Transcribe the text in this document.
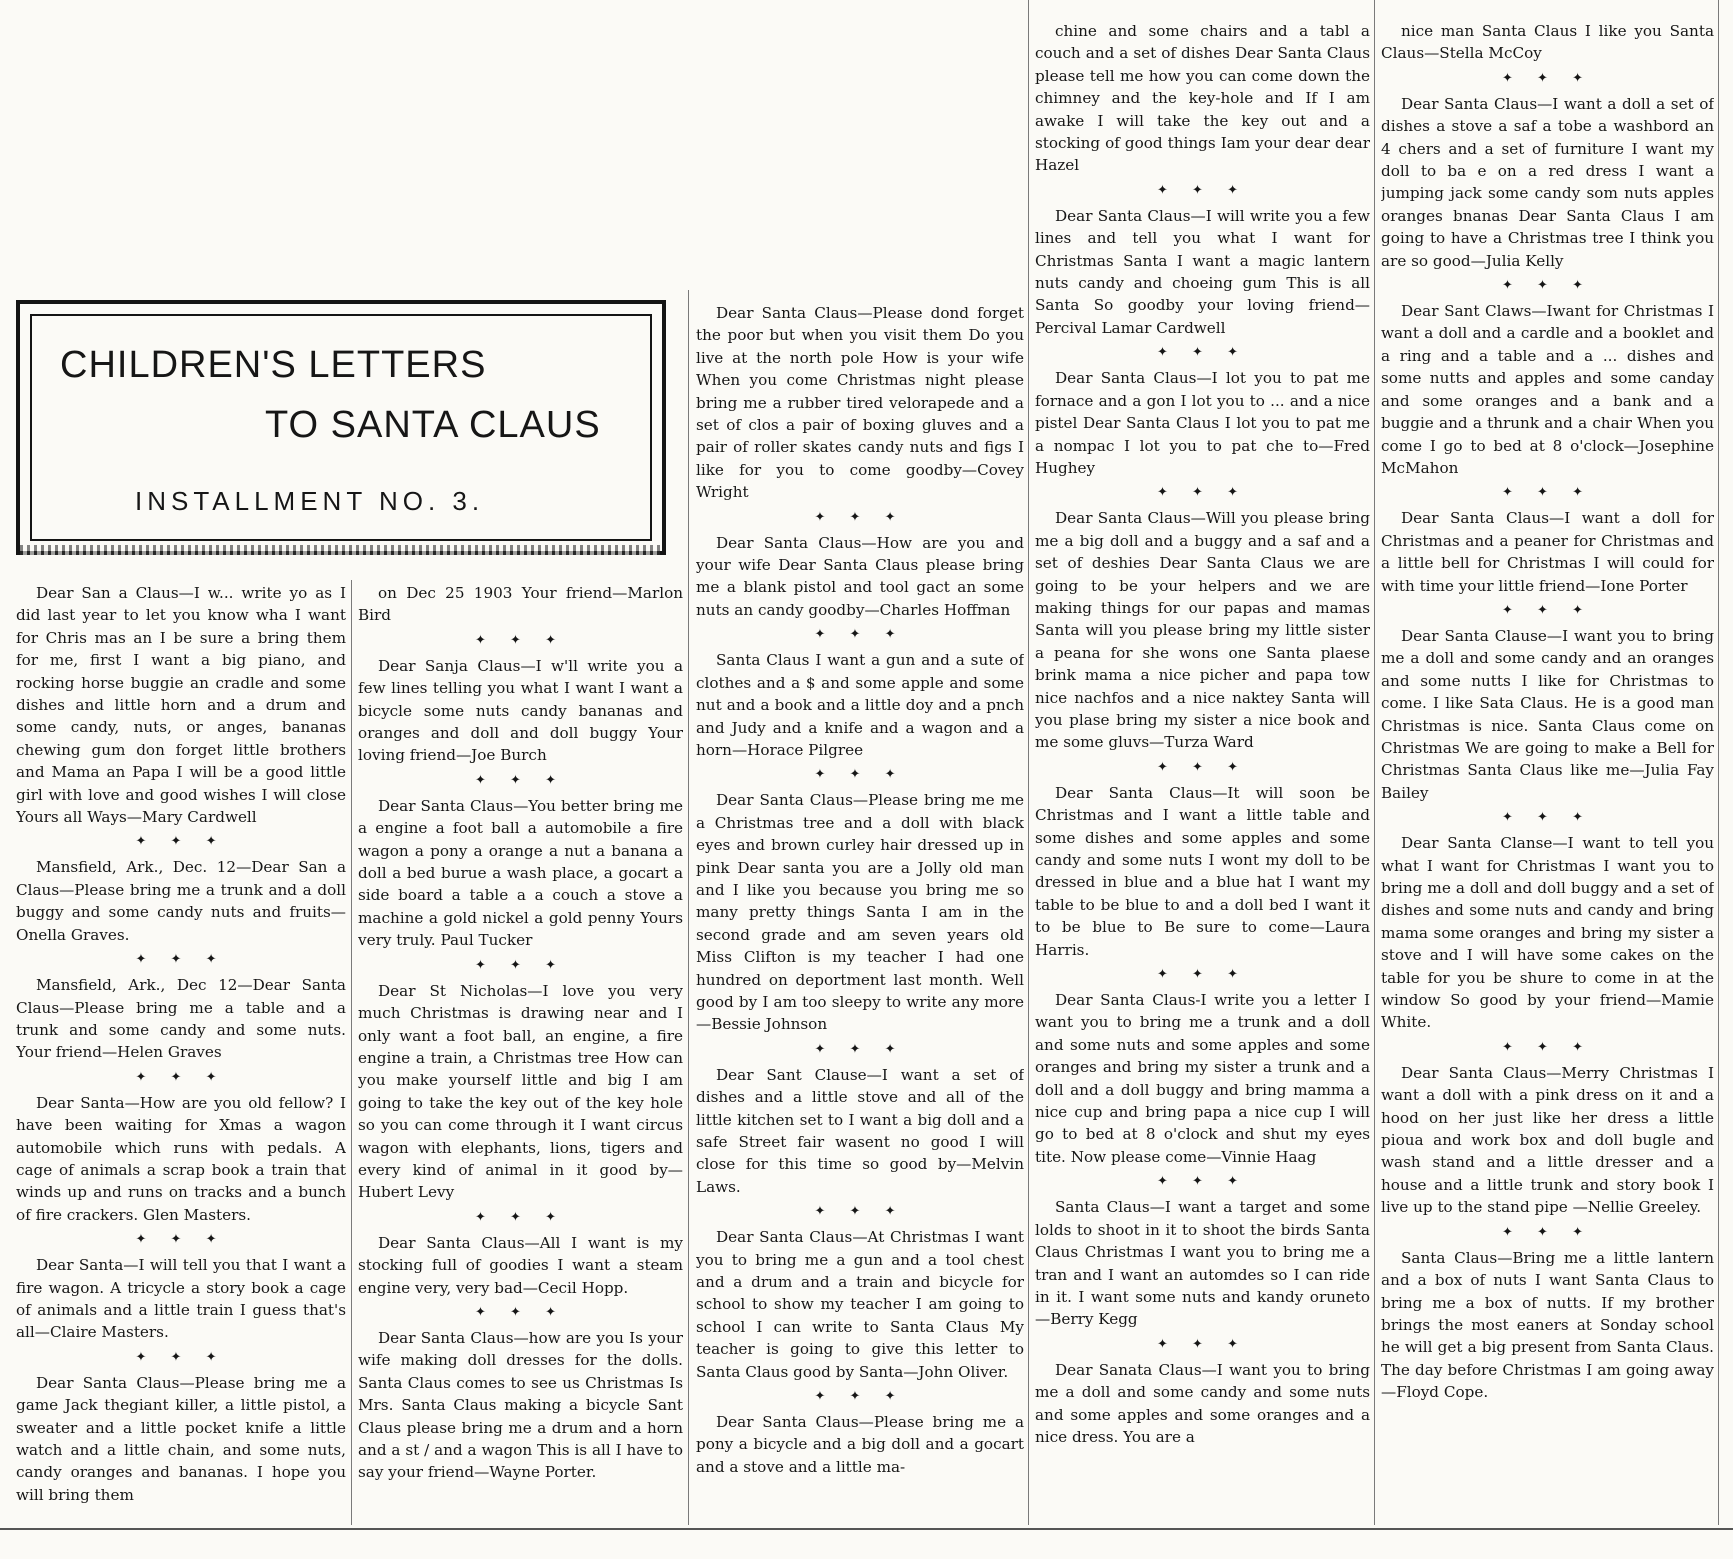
CHILDREN'S LETTERS
TO SANTA CLAUS
INSTALLMENT NO. 3.

Dear San a Claus—I w... write yo as I did last year to let you know wha I want for Chris mas an I be sure a bring them for me, first I want a big piano, and rocking horse buggie an cradle and some dishes and little horn and a drum and some candy, nuts, or anges, bananas chewing gum don forget little brothers and Mama an Papa I will be a good little girl with love and good wishes I will close Yours all Ways—Mary Cardwell

✦ ✦ ✦

Mansfield, Ark., Dec. 12—Dear San a Claus—Please bring me a trunk and a doll buggy and some candy nuts and fruits—Onella Graves.

✦ ✦ ✦

Mansfield, Ark., Dec 12—Dear Santa Claus—Please bring me a table and a trunk and some candy and some nuts. Your friend—Helen Graves

✦ ✦ ✦

Dear Santa—How are you old fellow? I have been waiting for Xmas a wagon automobile which runs with pedals. A cage of animals a scrap book a train that winds up and runs on tracks and a bunch of fire crackers. Glen Masters.

✦ ✦ ✦

Dear Santa—I will tell you that I want a fire wagon. A tricycle a story book a cage of animals and a little train I guess that's all—Claire Masters.

✦ ✦ ✦

Dear Santa Claus—Please bring me a game Jack thegiant killer, a little pistol, a sweater and a little pocket knife a little watch and a little chain, and some nuts, candy oranges and bananas. I hope you will bring them

on Dec 25 1903 Your friend—Marlon Bird

✦ ✦ ✦

Dear Sanja Claus—I w'll write you a few lines telling you what I want I want a bicycle some nuts candy bananas and oranges and doll and doll buggy Your loving friend—Joe Burch

✦ ✦ ✦

Dear Santa Claus—You better bring me a engine a foot ball a automobile a fire wagon a pony a orange a nut a banana a doll a bed burue a wash place, a gocart a side board a table a a couch a stove a machine a gold nickel a gold penny Yours very truly. Paul Tucker

✦ ✦ ✦

Dear St Nicholas—I love you very much Christmas is drawing near and I only want a foot ball, an engine, a fire engine a train, a Christmas tree How can you make yourself little and big I am going to take the key out of the key hole so you can come through it I want circus wagon with elephants, lions, tigers and every kind of animal in it good by—Hubert Levy

✦ ✦ ✦

Dear Santa Claus—All I want is my stocking full of goodies I want a steam engine very, very bad—Cecil Hopp.

✦ ✦ ✦

Dear Santa Claus—how are you Is your wife making doll dresses for the dolls. Santa Claus comes to see us Christmas Is Mrs. Santa Claus making a bicycle Sant Claus please bring me a drum and a horn and a st / and a wagon This is all I have to say your friend—Wayne Porter.

Dear Santa Claus—Please dond forget the poor but when you visit them Do you live at the north pole How is your wife When you come Christmas night please bring me a rubber tired velorapede and a set of clos a pair of boxing gluves and a pair of roller skates candy nuts and figs I like for you to come goodby—Covey Wright

✦ ✦ ✦

Dear Santa Claus—How are you and your wife Dear Santa Claus please bring me a blank pistol and tool gact an some nuts an candy goodby—Charles Hoffman

✦ ✦ ✦

Santa Claus I want a gun and a sute of clothes and a $ and some apple and some nut and a book and a little doy and a pnch and Judy and a knife and a wagon and a horn—Horace Pilgree

✦ ✦ ✦

Dear Santa Claus—Please bring me me a Christmas tree and a doll with black eyes and brown curley hair dressed up in pink Dear santa you are a Jolly old man and I like you because you bring me so many pretty things Santa I am in the second grade and am seven years old Miss Clifton is my teacher I had one hundred on deportment last month. Well good by I am too sleepy to write any more—Bessie Johnson

✦ ✦ ✦

Dear Sant Clause—I want a set of dishes and a little stove and all of the little kitchen set to I want a big doll and a safe Street fair wasent no good I will close for this time so good by—Melvin Laws.

✦ ✦ ✦

Dear Santa Claus—At Christmas I want you to bring me a gun and a tool chest and a drum and a train and bicycle for school to show my teacher I am going to school I can write to Santa Claus My teacher is going to give this letter to Santa Claus good by Santa—John Oliver.

✦ ✦ ✦

Dear Santa Claus—Please bring me a pony a bicycle and a big doll and a gocart and a stove and a little ma-

chine and some chairs and a tabl a couch and a set of dishes Dear Santa Claus please tell me how you can come down the chimney and the key-hole and If I am awake I will take the key out and a stocking of good things Iam your dear dear Hazel

✦ ✦ ✦

Dear Santa Claus—I will write you a few lines and tell you what I want for Christmas Santa I want a magic lantern nuts candy and choeing gum This is all Santa So goodby your loving friend—Percival Lamar Cardwell

✦ ✦ ✦

Dear Santa Claus—I lot you to pat me fornace and a gon I lot you to ... and a nice pistel Dear Santa Claus I lot you to pat me a nompac I lot you to pat che to—Fred Hughey

✦ ✦ ✦

Dear Santa Claus—Will you please bring me a big doll and a buggy and a saf and a set of deshies Dear Santa Claus we are going to be your helpers and we are making things for our papas and mamas Santa will you please bring my little sister a peana for she wons one Santa plaese brink mama a nice picher and papa tow nice nachfos and a nice naktey Santa will you plase bring my sister a nice book and me some gluvs—Turza Ward

✦ ✦ ✦

Dear Santa Claus—It will soon be Christmas and I want a little table and some dishes and some apples and some candy and some nuts I wont my doll to be dressed in blue and a blue hat I want my table to be blue to and a doll bed I want it to be blue to Be sure to come—Laura Harris.

✦ ✦ ✦

Dear Santa Claus-I write you a letter I want you to bring me a trunk and a doll and some nuts and some apples and some oranges and bring my sister a trunk and a doll and a doll buggy and bring mamma a nice cup and bring papa a nice cup I will go to bed at 8 o'clock and shut my eyes tite. Now please come—Vinnie Haag

✦ ✦ ✦

Santa Claus—I want a target and some lolds to shoot in it to shoot the birds Santa Claus Christmas I want you to bring me a tran and I want an automdes so I can ride in it. I want some nuts and kandy oruneto—Berry Kegg

✦ ✦ ✦

Dear Sanata Claus—I want you to bring me a doll and some candy and some nuts and some apples and some oranges and a nice dress. You are a

nice man Santa Claus I like you Santa Claus—Stella McCoy

✦ ✦ ✦

Dear Santa Claus—I want a doll a set of dishes a stove a saf a tobe a washbord an 4 chers and a set of furniture I want my doll to ba e on a red dress I want a jumping jack some candy som nuts apples oranges bnanas Dear Santa Claus I am going to have a Christmas tree I think you are so good—Julia Kelly

✦ ✦ ✦

Dear Sant Claws—Iwant for Christmas I want a doll and a cardle and a booklet and a ring and a table and a ... dishes and some nutts and apples and some canday and some oranges and a bank and a buggie and a thrunk and a chair When you come I go to bed at 8 o'clock—Josephine McMahon

✦ ✦ ✦

Dear Santa Claus—I want a doll for Christmas and a peaner for Christmas and a little bell for Christmas I will could for with time your little friend—Ione Porter

✦ ✦ ✦

Dear Santa Clause—I want you to bring me a doll and some candy and an oranges and some nutts I like for Christmas to come. I like Sata Claus. He is a good man Christmas is nice. Santa Claus come on Christmas We are going to make a Bell for Christmas Santa Claus like me—Julia Fay Bailey

✦ ✦ ✦

Dear Santa Clanse—I want to tell you what I want for Christmas I want you to bring me a doll and doll buggy and a set of dishes and some nuts and candy and bring mama some oranges and bring my sister a stove and I will have some cakes on the table for you be shure to come in at the window So good by your friend—Mamie White.

✦ ✦ ✦

Dear Santa Claus—Merry Christmas I want a doll with a pink dress on it and a hood on her just like her dress a little pioua and work box and doll bugle and wash stand and a little dresser and a house and a little trunk and story book I live up to the stand pipe —Nellie Greeley.

✦ ✦ ✦

Santa Claus—Bring me a little lantern and a box of nuts I want Santa Claus to bring me a box of nutts. If my brother brings the most eaners at Sonday school he will get a big present from Santa Claus. The day before Christmas I am going away—Floyd Cope.
